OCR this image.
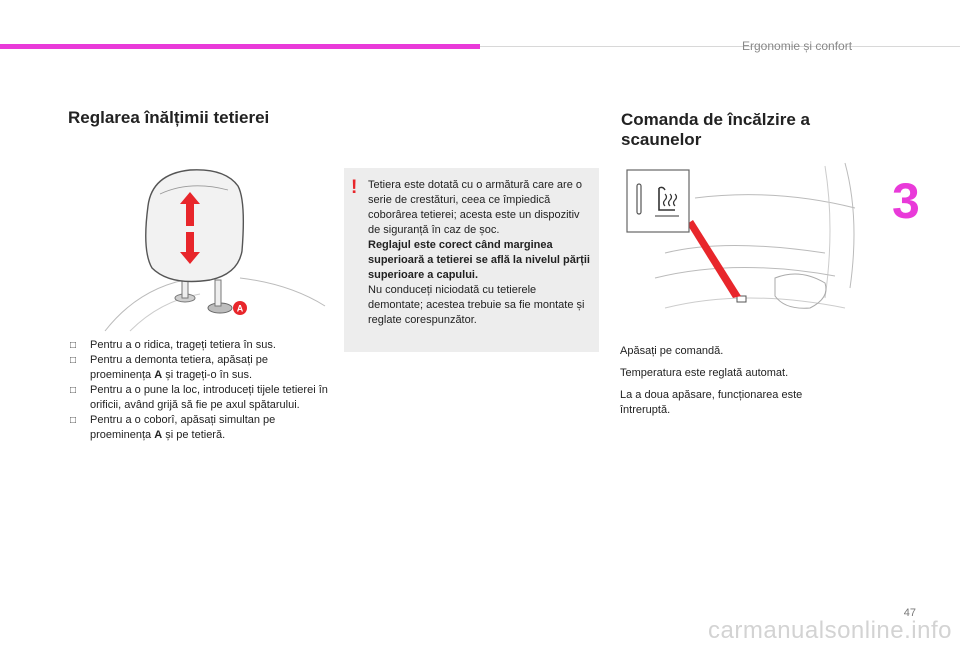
Ergonomie și confort
3
Reglarea înălțimii tetierei	Comanda de încălzire a scaunelor
A
□ Pentru a o ridica, trageți tetiera în sus.
□ Pentru a demonta tetiera, apăsați pe proeminența A și trageți-o în sus.
□ Pentru a o pune la loc, introduceți tijele tetierei în orificii, având grijă să fie pe axul spătarului.
□ Pentru a o coborî, apăsați simultan pe proeminența A și pe tetieră.
! Tetiera este dotată cu o armătură care are o serie de crestături, ceea ce împiedică coborârea tetierei; acesta este un dispozitiv de siguranță în caz de șoc.
Reglajul este corect când marginea superioară a tetierei se află la nivelul părții superioare a capului.
Nu conduceți niciodată cu tetierele demontate; acestea trebuie sa fie montate și reglate corespunzător.

Apăsați pe comandă.

Temperatura este reglată automat.

La a doua apăsare, funcționarea este întreruptă.

47
carmanualsonline.info
